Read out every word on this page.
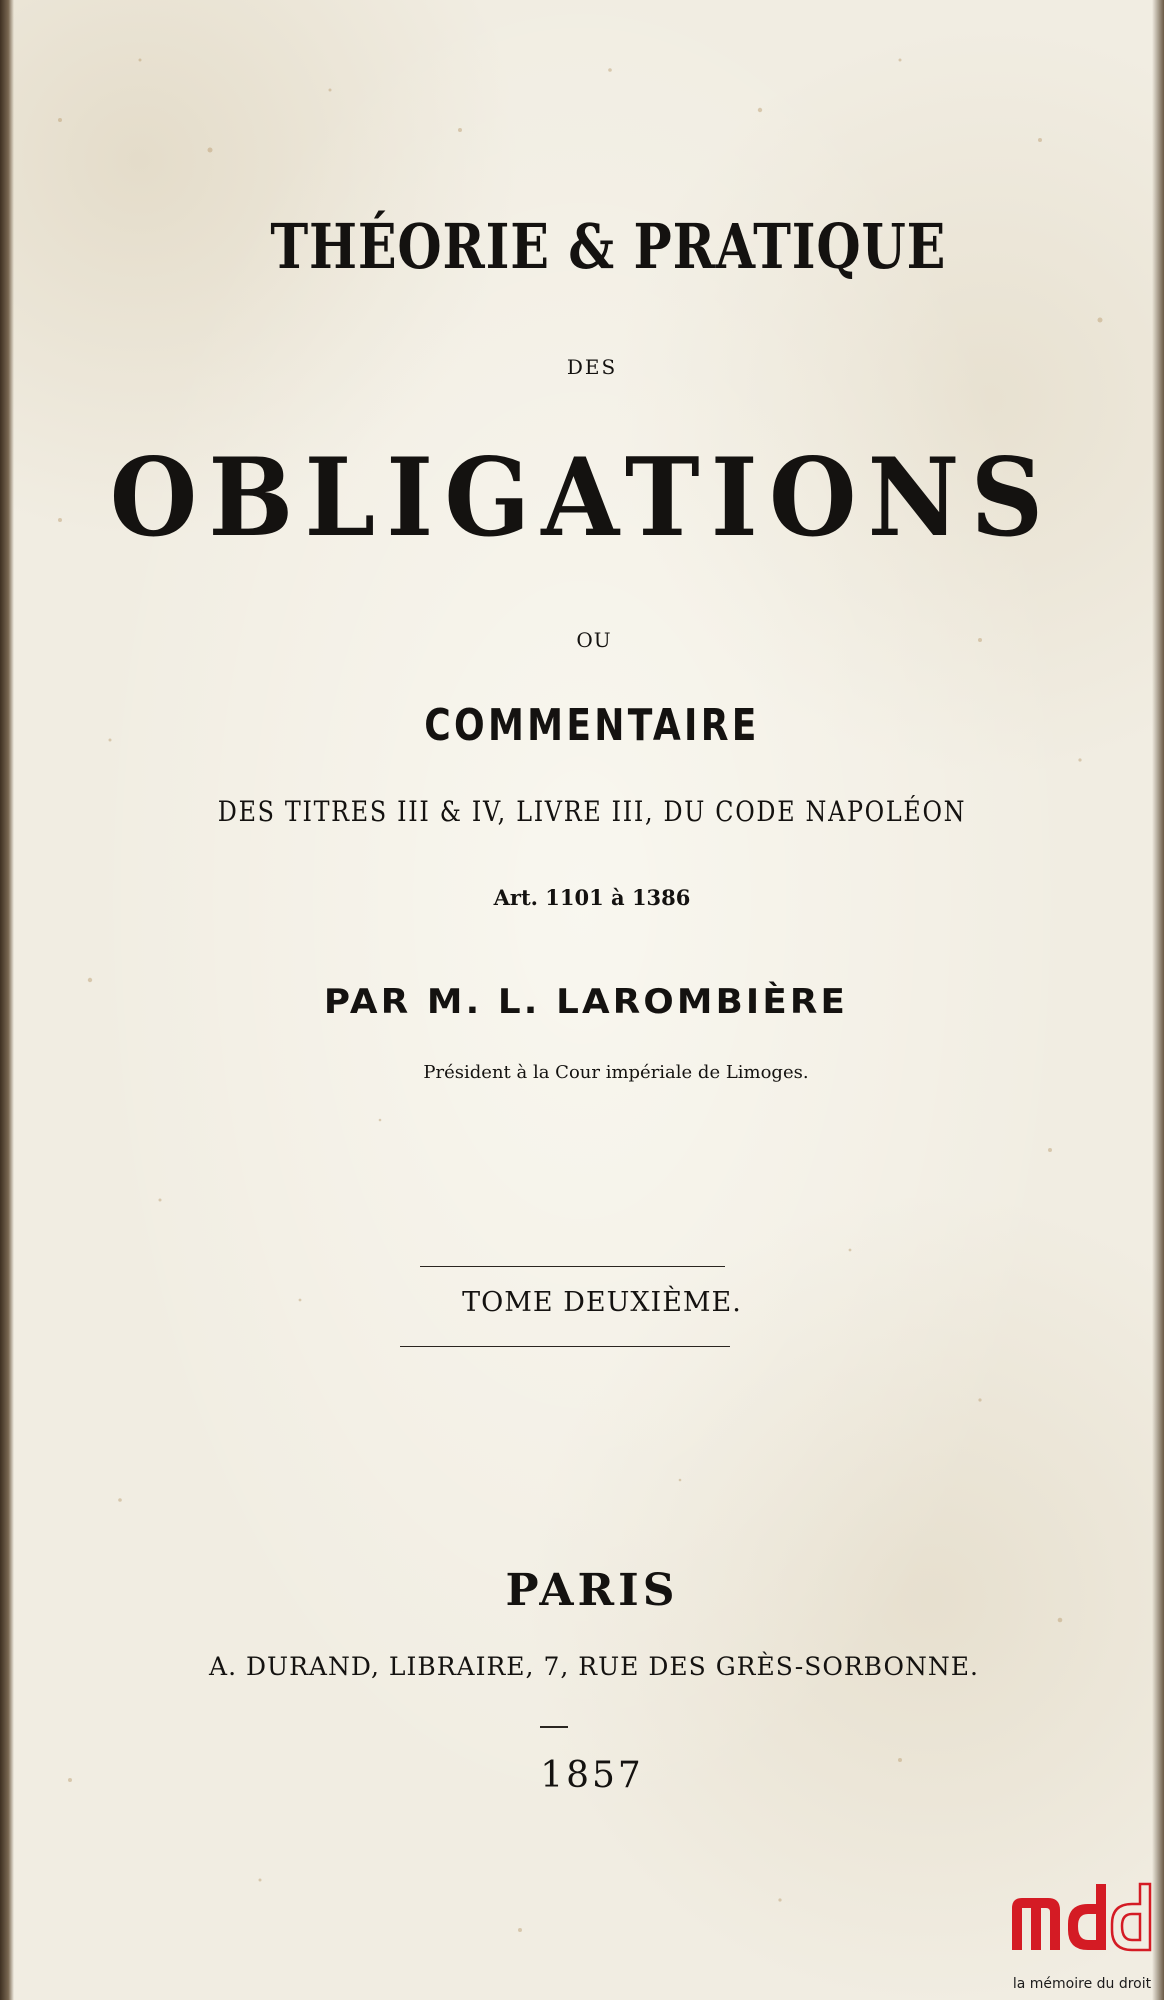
THÉORIE & PRATIQUE
DES
OBLIGATIONS
OU
COMMENTAIRE
DES TITRES III & IV, LIVRE III, DU CODE NAPOLÉON
Art. 1101 à 1386
PAR M. L. LAROMBIÈRE
Président à la Cour impériale de Limoges.
TOME DEUXIÈME.
PARIS
A. DURAND, LIBRAIRE, 7, RUE DES GRÈS-SORBONNE.
1857
la mémoire du droit
